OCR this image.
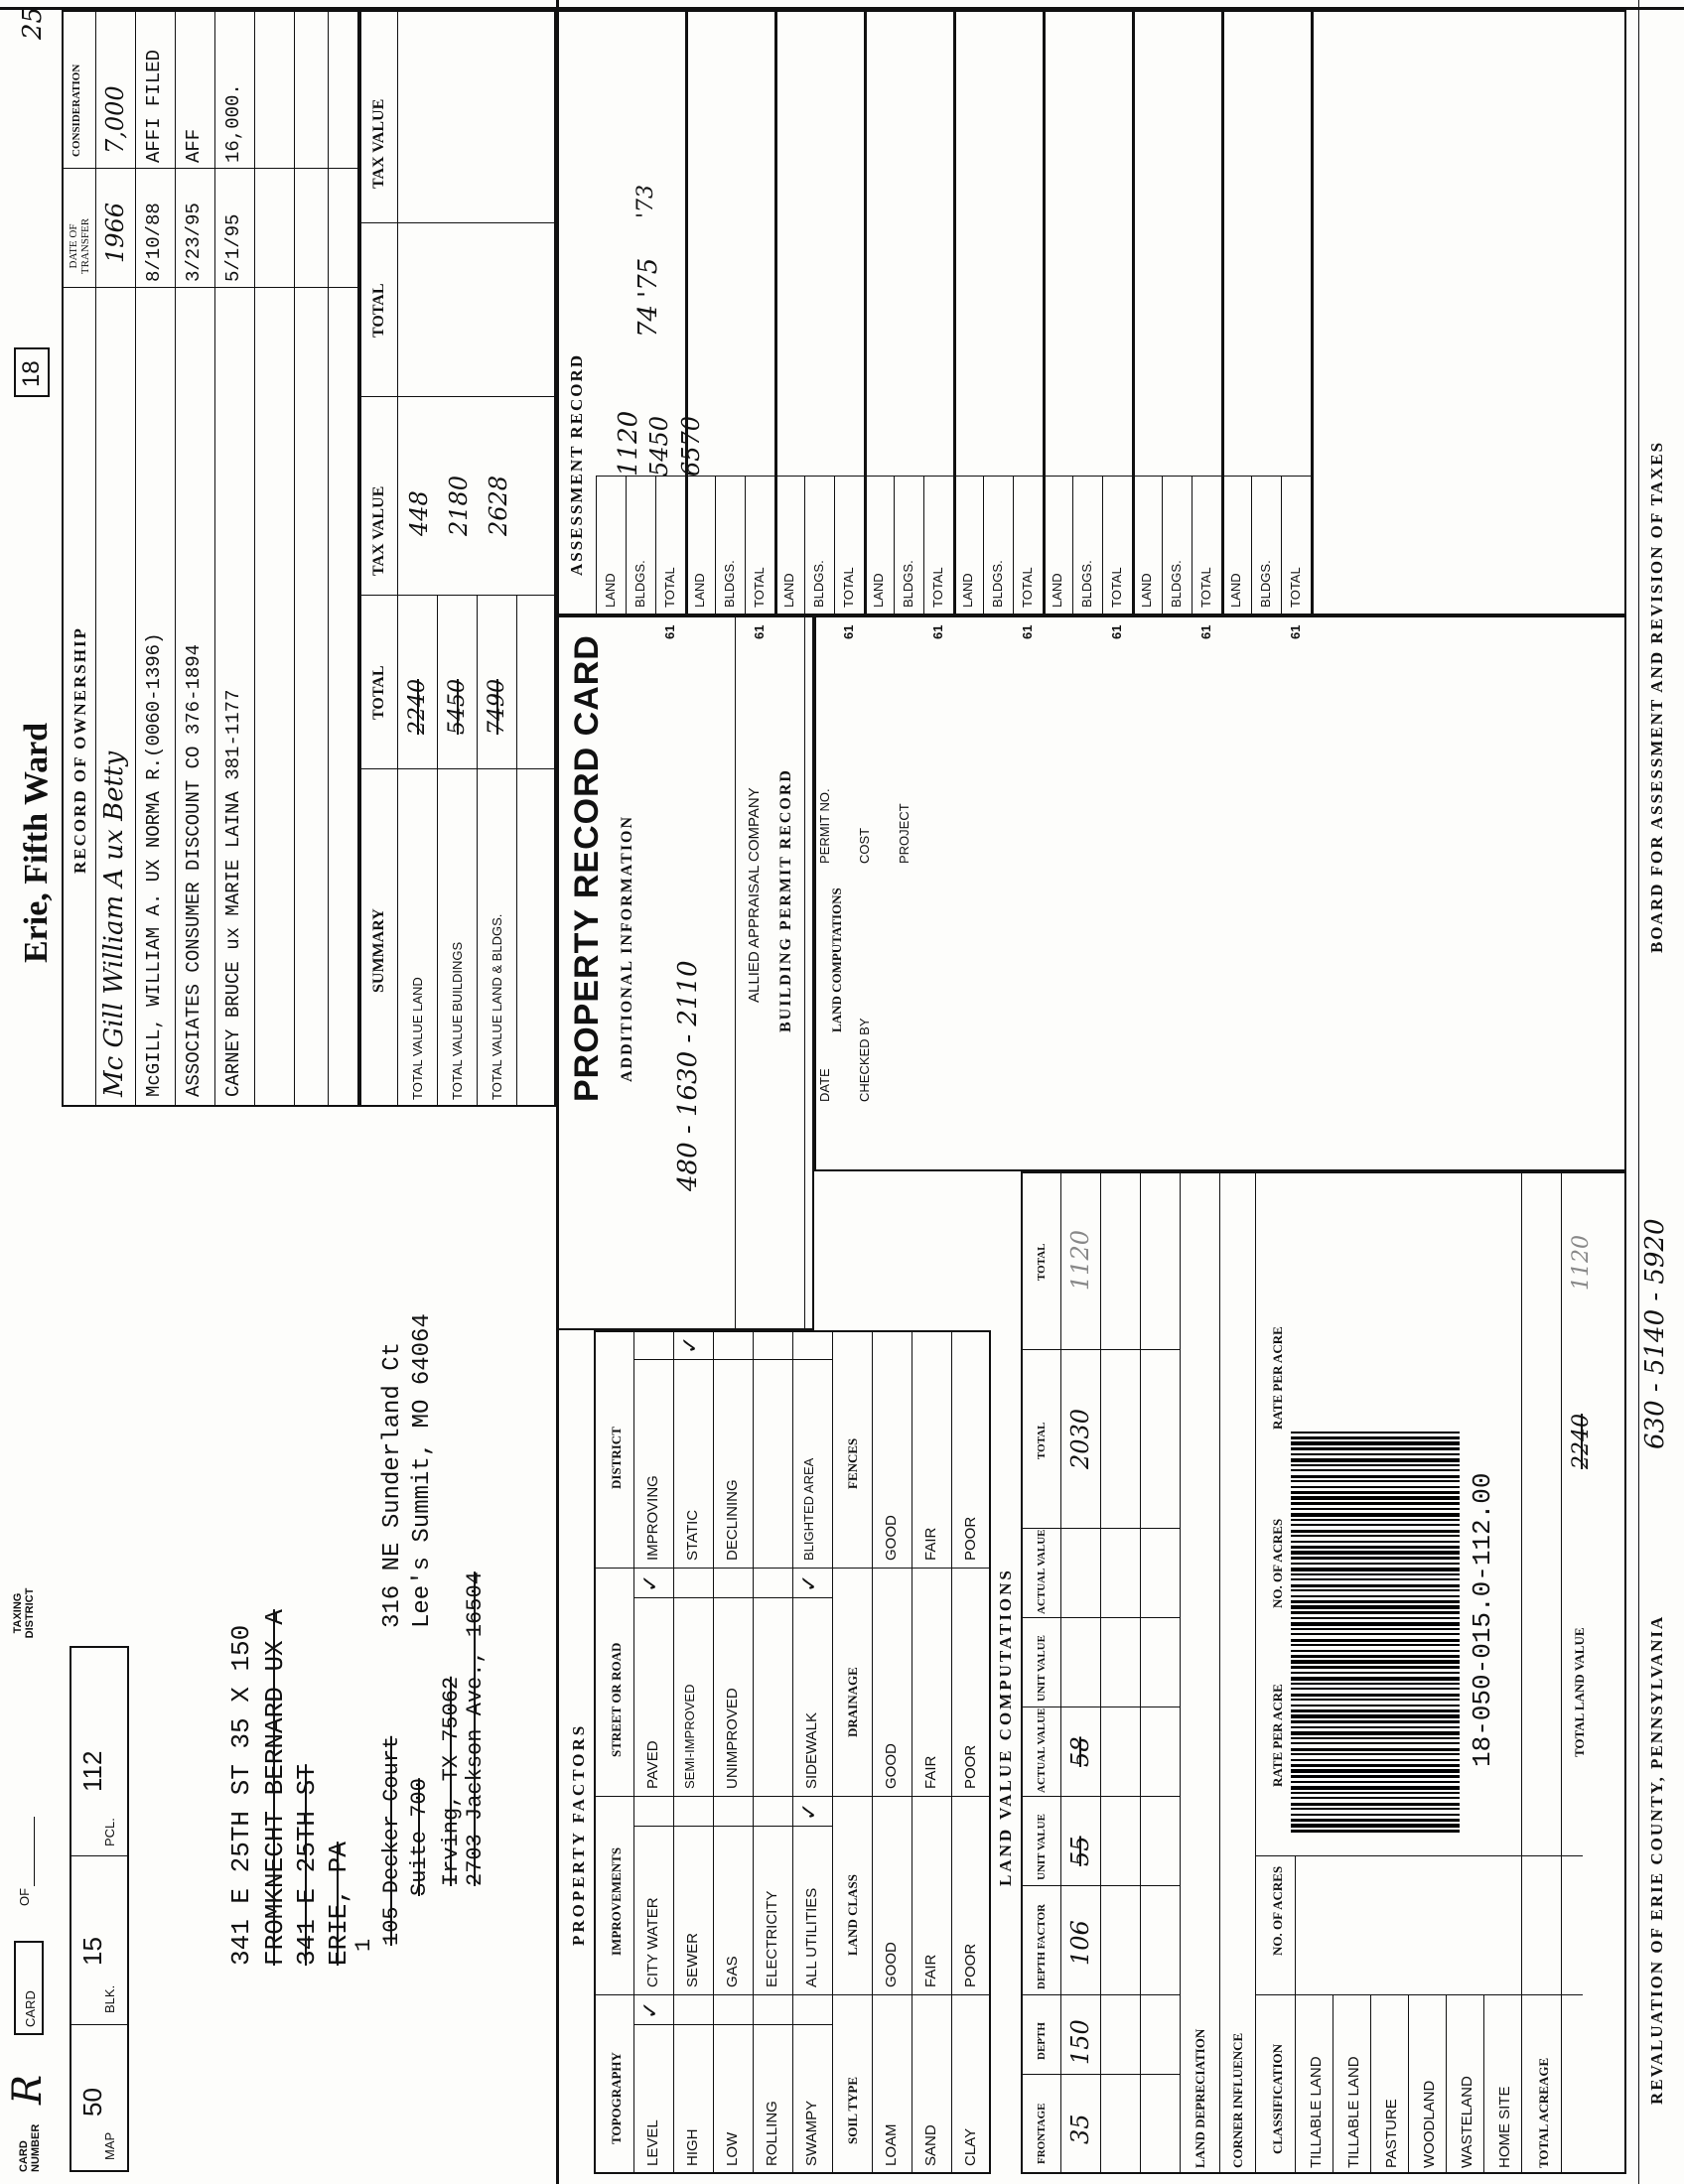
CARD NUMBER
R
MAP
50
BLK.
15
PCL.
112
CARD
OF
TAXING DISTRICT
Erie, Fifth Ward
18
25
341 E 25TH ST 35 X 150 FROMKNECHT BERNARD UX A 341 E 25TH ST ERIE, PA
1 105 Decker Court Suite 700 Irving, TX 75062 2703 Jackson Ave., 16504
316 NE Sunderland Ct Lee's Summit, MO 64064
RECORD OF OWNERSHIP
DATE OF TRANSFER
CONSIDERATION
Mc Gill William A ux Betty
1966
7,000
McGILL, WILLIAM A. UX NORMA R.(0060-1396)
8/10/88
AFFI FILED
ASSOCIATES CONSUMER DISCOUNT CO 376-1894
3/23/95
AFF
CARNEY BRUCE ux MARIE LAINA 381-1177
5/1/95
16,000.
SUMMARY
TOTAL
TAX VALUE
TOTAL
TAX VALUE
TOTAL VALUE LAND TOTAL VALUE BUILDINGS TOTAL VALUE LAND & BLDGS.
2240 5450 7490
448 2180 2628
PROPERTY FACTORS
TOPOGRAPHY
IMPROVEMENTS
STREET OR ROAD
DISTRICT
LEVEL
CITY WATER
PAVED
IMPROVING
HIGH
SEWER
SEMI-IMPROVED
STATIC
LOW
GAS
UNIMPROVED
DECLINING
ROLLING
ELECTRICITY
SWAMPY
ALL UTILITIES
SIDEWALK
BLIGHTED AREA
✓
✓
✓
✓
✓
SOIL TYPE
LAND CLASS
DRAINAGE
FENCES
LOAM
GOOD
GOOD
GOOD
SAND
FAIR
FAIR
FAIR
CLAY
POOR
POOR
POOR
LAND VALUE COMPUTATIONS
FRONTAGE
DEPTH
DEPTH FACTOR
UNIT VALUE
ACTUAL VALUE
UNIT VALUE
ACTUAL VALUE
TOTAL
TOTAL
35
150
106
55
58
2030
1120
LAND DEPRECIATION CORNER INFLUENCE CLASSIFICATION
NO. OF ACRES
RATE PER ACRE
NO. OF ACRES
RATE PER ACRE
TILLABLE LAND TILLABLE LAND PASTURE WOODLAND WASTELAND HOME SITE TOTAL ACREAGE
TOTAL LAND VALUE
2240
1120
18-050-015.0-112.00
LAND COMPUTATIONS
PROPERTY RECORD CARD ADDITIONAL INFORMATION 480 - 1630 - 2110
ALLIED APPRAISAL COMPANY BUILDING PERMIT RECORD PERMIT NO.
DATE
COST
CHECKED BY
PROJECT
ASSESSMENT RECORD 1120 5450 6570
74
'75
'73
LAND BLDGS. TOTAL
61
LAND BLDGS. TOTAL
61
LAND BLDGS. TOTAL
61
LAND BLDGS. TOTAL
61
LAND BLDGS. TOTAL
61
LAND BLDGS. TOTAL
61
LAND BLDGS. TOTAL
61
LAND BLDGS. TOTAL
61
REVALUATION OF ERIE COUNTY, PENNSYLVANIA
630 - 5140 - 5920
BOARD FOR ASSESSMENT AND REVISION OF TAXES
